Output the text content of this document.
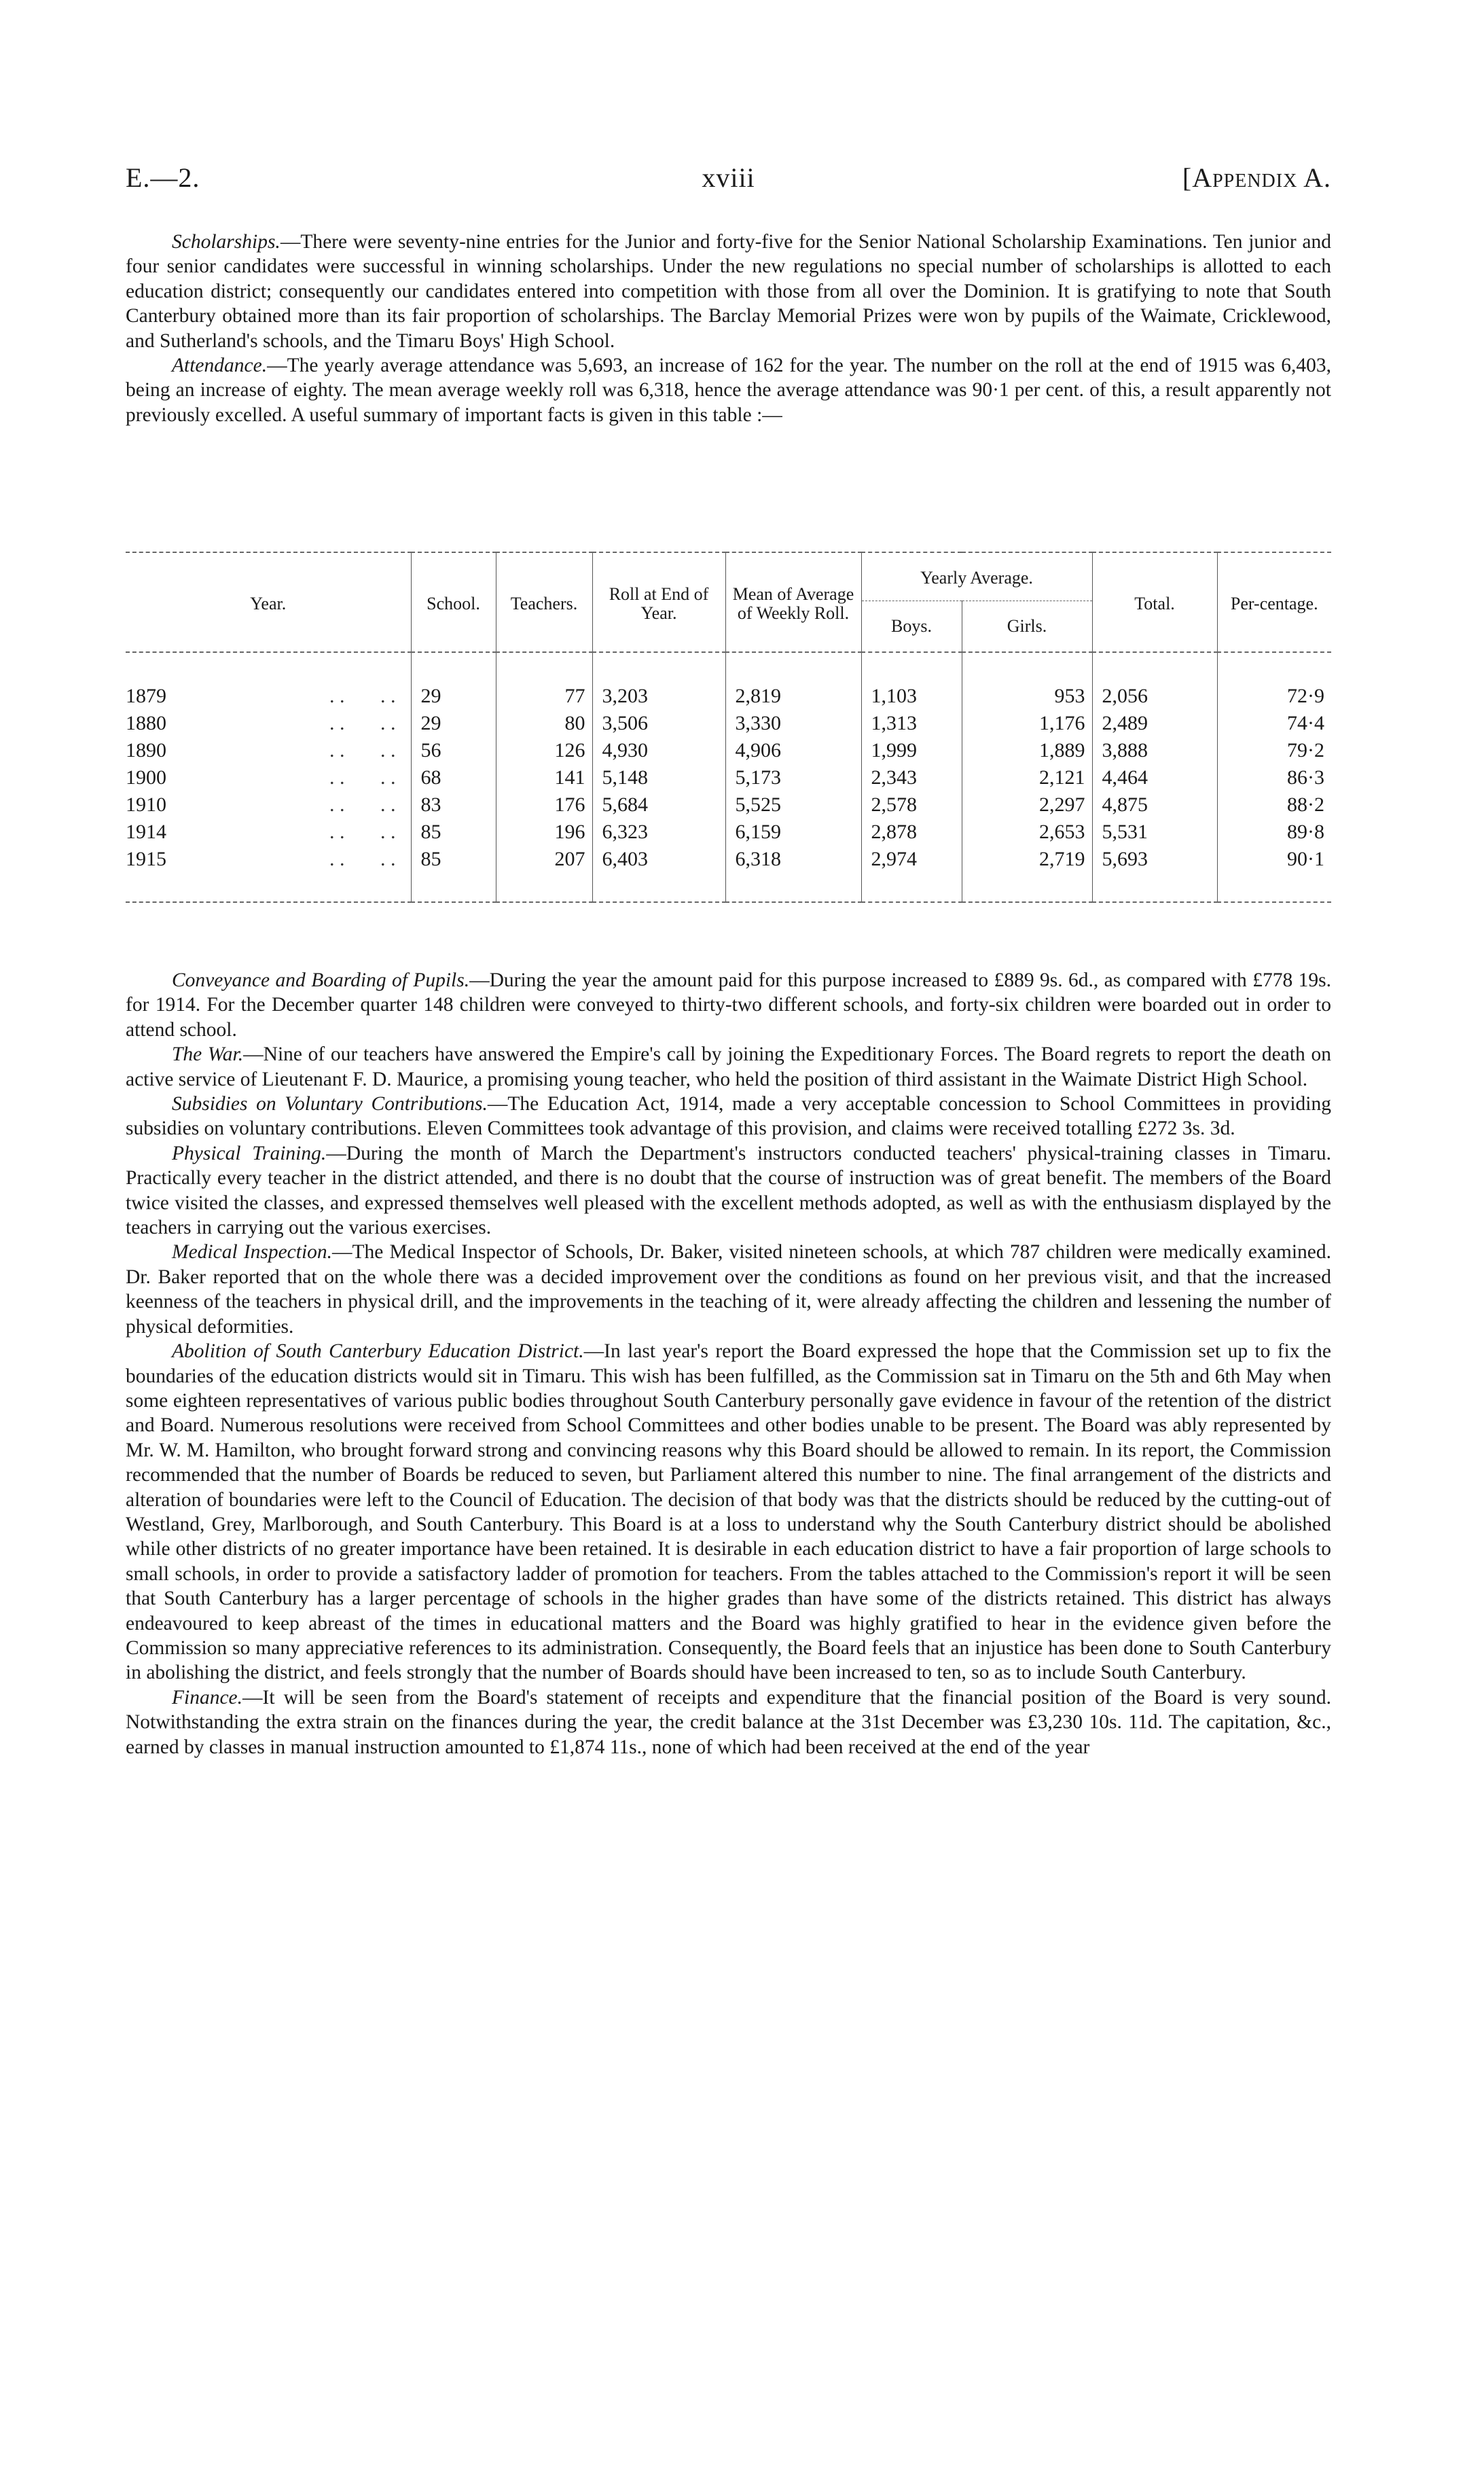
E.—2.	xviii	[Appendix A.

Scholarships.—There were seventy-nine entries for the Junior and forty-five for the Senior National Scholarship Examinations. Ten junior and four senior candidates were successful in winning scholarships. Under the new regulations no special number of scholarships is allotted to each education district; consequently our candidates entered into competition with those from all over the Dominion. It is gratifying to note that South Canterbury obtained more than its fair proportion of scholarships. The Barclay Memorial Prizes were won by pupils of the Waimate, Cricklewood, and Sutherland's schools, and the Timaru Boys' High School.

Attendance.—The yearly average attendance was 5,693, an increase of 162 for the year. The number on the roll at the end of 1915 was 6,403, being an increase of eighty. The mean average weekly roll was 6,318, hence the average attendance was 90·1 per cent. of this, a result apparently not previously excelled. A useful summary of important facts is given in this table :—

Year.	School.	Teachers.	Roll at End of Year.	Mean of Average of Weekly Roll.	Yearly Average.		Total.	Per-centage.
					Boys.	Girls.		

1879 . .       . .	29	77	3,203	2,819	1,103	953	2,056	72·9
1880 . .       . .	29	80	3,506	3,330	1,313	1,176	2,489	74·4
1890 . .       . .	56	126	4,930	4,906	1,999	1,889	3,888	79·2
1900 . .       . .	68	141	5,148	5,173	2,343	2,121	4,464	86·3
1910 . .       . .	83	176	5,684	5,525	2,578	2,297	4,875	88·2
1914 . .       . .	85	196	6,323	6,159	2,878	2,653	5,531	89·8
1915 . .       . .	85	207	6,403	6,318	2,974	2,719	5,693	90·1

Conveyance and Boarding of Pupils.—During the year the amount paid for this purpose increased to £889 9s. 6d., as compared with £778 19s. for 1914. For the December quarter 148 children were conveyed to thirty-two different schools, and forty-six children were boarded out in order to attend school.

The War.—Nine of our teachers have answered the Empire's call by joining the Expeditionary Forces. The Board regrets to report the death on active service of Lieutenant F. D. Maurice, a promising young teacher, who held the position of third assistant in the Waimate District High School.

Subsidies on Voluntary Contributions.—The Education Act, 1914, made a very acceptable concession to School Committees in providing subsidies on voluntary contributions. Eleven Committees took advantage of this provision, and claims were received totalling £272 3s. 3d.

Physical Training.—During the month of March the Department's instructors conducted teachers' physical-training classes in Timaru. Practically every teacher in the district attended, and there is no doubt that the course of instruction was of great benefit. The members of the Board twice visited the classes, and expressed themselves well pleased with the excellent methods adopted, as well as with the enthusiasm displayed by the teachers in carrying out the various exercises.

Medical Inspection.—The Medical Inspector of Schools, Dr. Baker, visited nineteen schools, at which 787 children were medically examined. Dr. Baker reported that on the whole there was a decided improvement over the conditions as found on her previous visit, and that the increased keenness of the teachers in physical drill, and the improvements in the teaching of it, were already affecting the children and lessening the number of physical deformities.

Abolition of South Canterbury Education District.—In last year's report the Board expressed the hope that the Commission set up to fix the boundaries of the education districts would sit in Timaru. This wish has been fulfilled, as the Commission sat in Timaru on the 5th and 6th May when some eighteen representatives of various public bodies throughout South Canterbury personally gave evidence in favour of the retention of the district and Board. Numerous resolutions were received from School Committees and other bodies unable to be present. The Board was ably represented by Mr. W. M. Hamilton, who brought forward strong and convincing reasons why this Board should be allowed to remain. In its report, the Commission recommended that the number of Boards be reduced to seven, but Parliament altered this number to nine. The final arrangement of the districts and alteration of boundaries were left to the Council of Education. The decision of that body was that the districts should be reduced by the cutting-out of Westland, Grey, Marlborough, and South Canterbury. This Board is at a loss to understand why the South Canterbury district should be abolished while other districts of no greater importance have been retained. It is desirable in each education district to have a fair proportion of large schools to small schools, in order to provide a satisfactory ladder of promotion for teachers. From the tables attached to the Commission's report it will be seen that South Canterbury has a larger percentage of schools in the higher grades than have some of the districts retained. This district has always endeavoured to keep abreast of the times in educational matters and the Board was highly gratified to hear in the evidence given before the Commission so many appreciative references to its administration. Consequently, the Board feels that an injustice has been done to South Canterbury in abolishing the district, and feels strongly that the number of Boards should have been increased to ten, so as to include South Canterbury.

Finance.—It will be seen from the Board's statement of receipts and expenditure that the financial position of the Board is very sound. Notwithstanding the extra strain on the finances during the year, the credit balance at the 31st December was £3,230 10s. 11d. The capitation, &c., earned by classes in manual instruction amounted to £1,874 11s., none of which had been received at the end of the year
